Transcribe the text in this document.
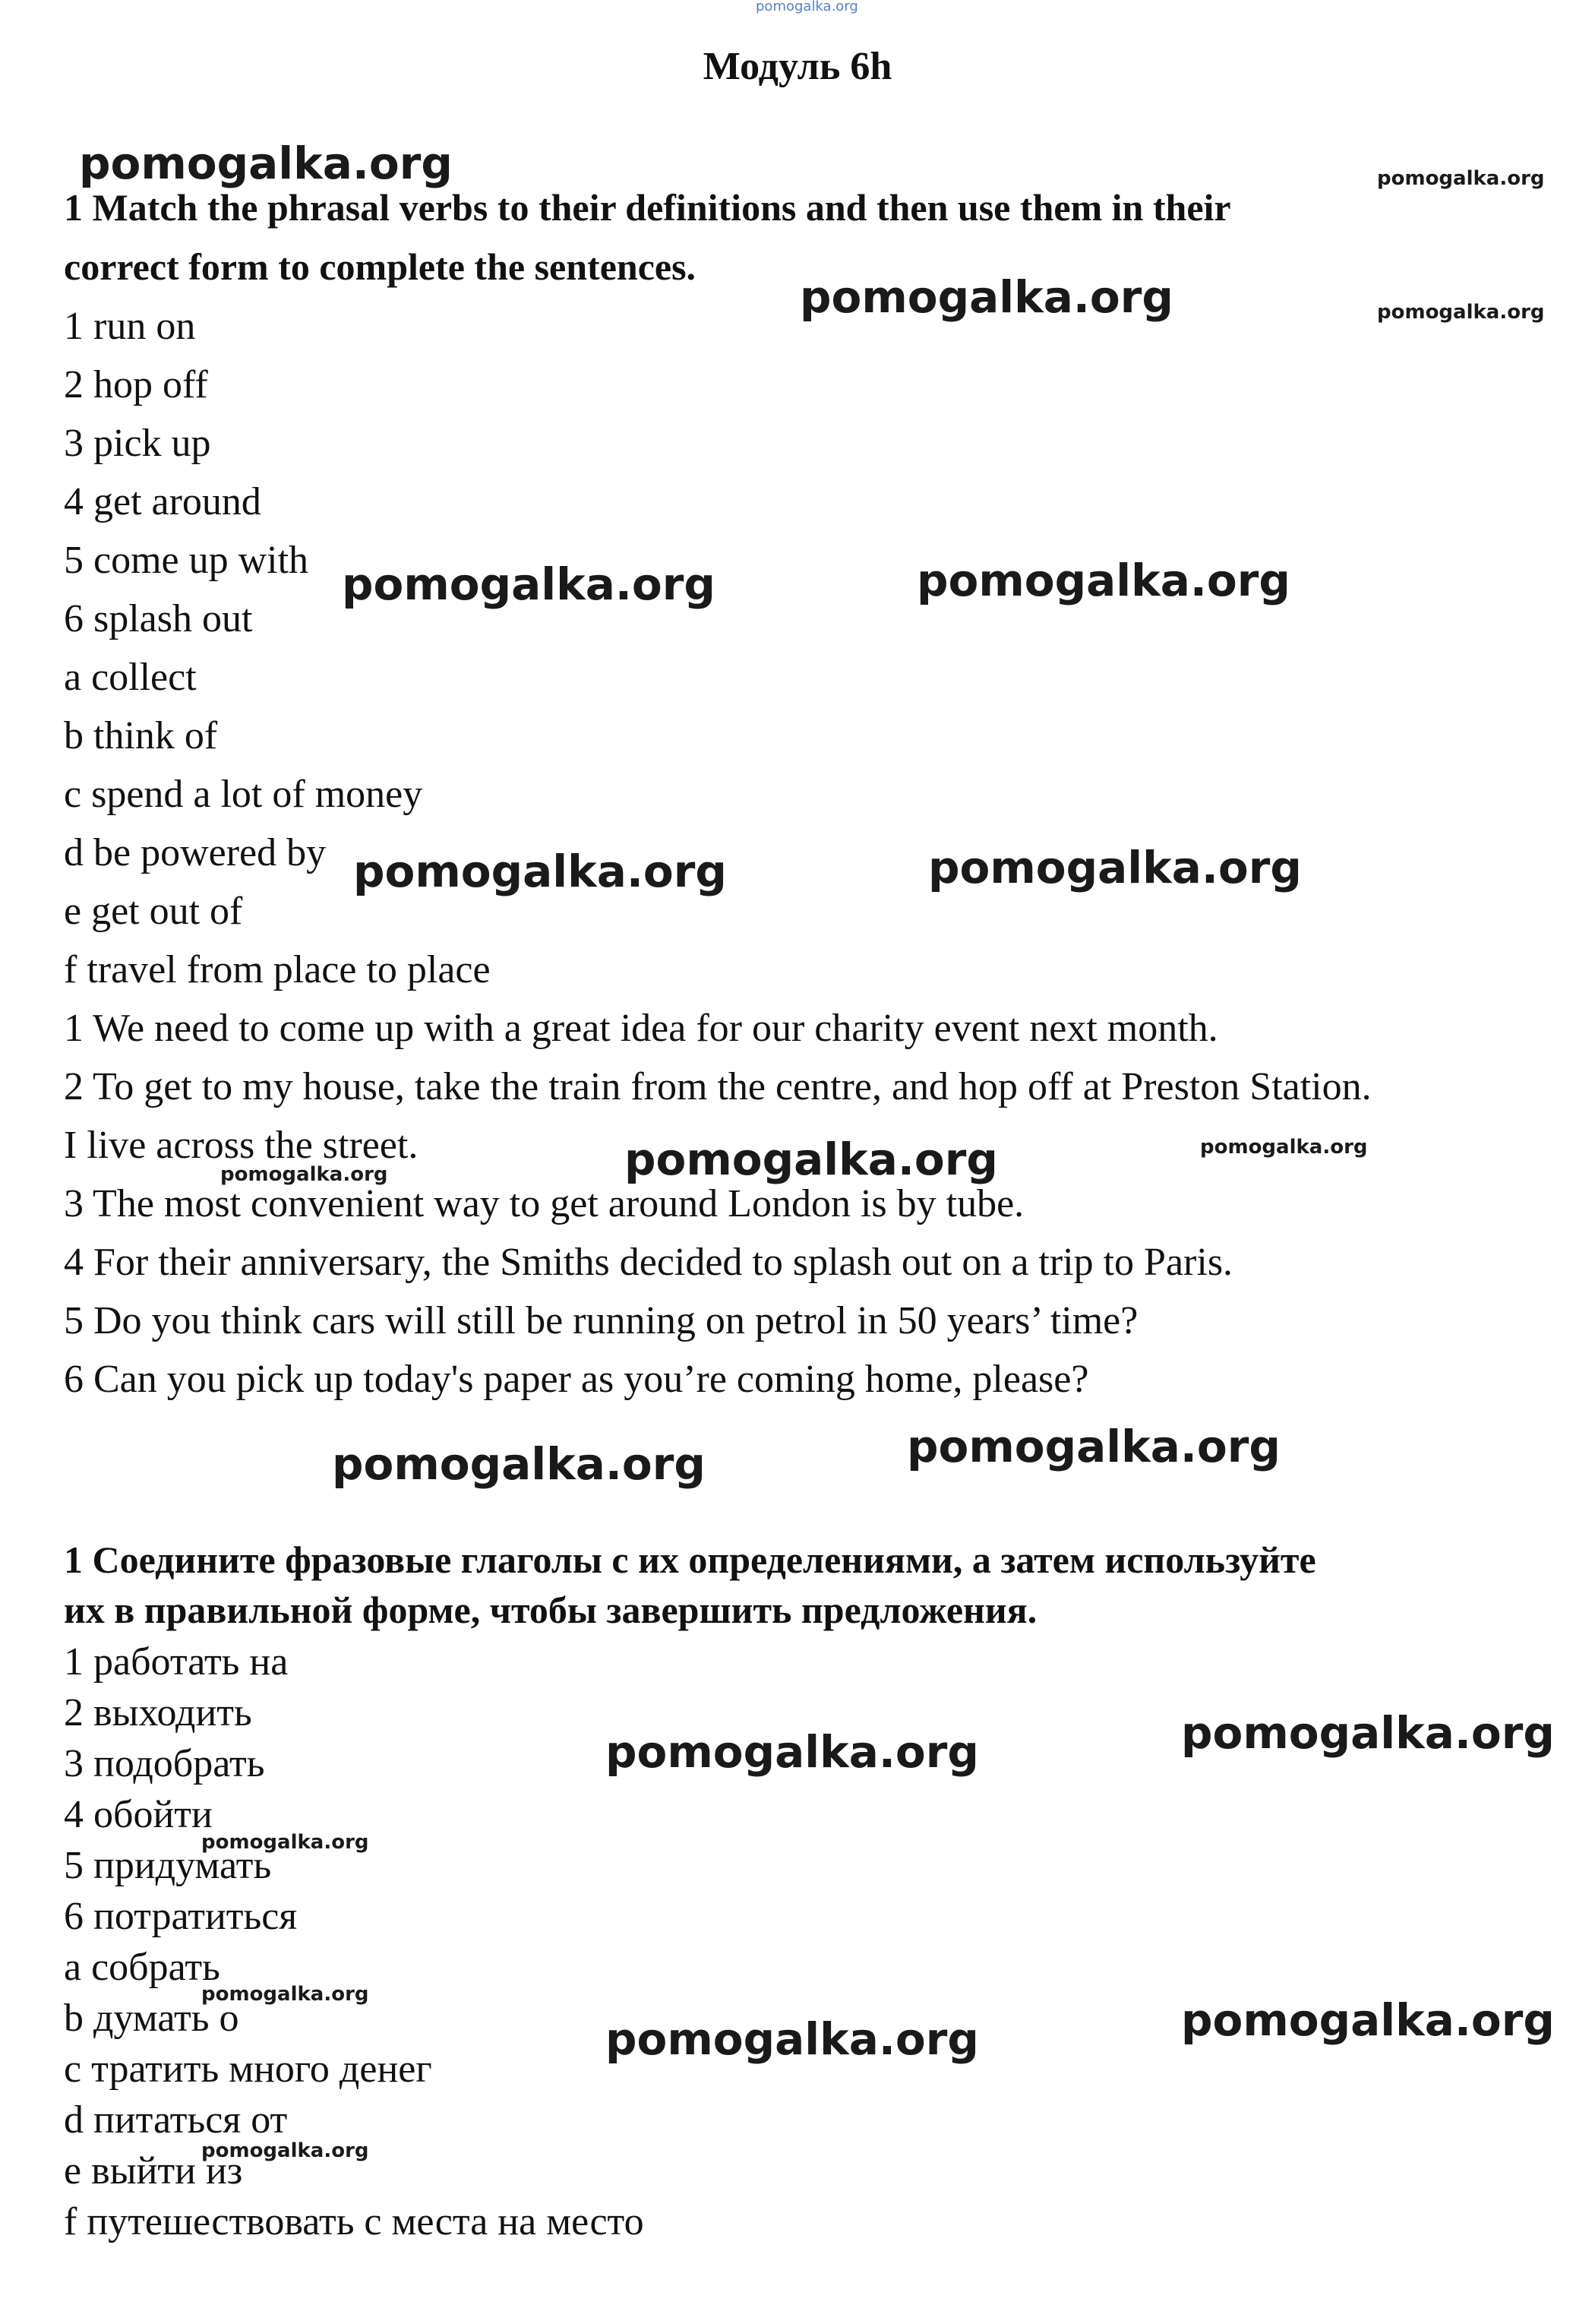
pomogalka.org
pomogalka.org	pomogalka.org
pomogalka.org	pomogalka.org
pomogalka.org	pomogalka.org
pomogalka.org	pomogalka.org
pomogalka.org	pomogalka.org
pomogalka.org
pomogalka.org
pomogalka.org
pomogalka.org
pomogalka.org
pomogalka.org
pomogalka.org	pomogalka.org
pomogalka.org
pomogalka.org
Модуль 6h

1 Match the phrasal verbs to their definitions and then use them in their

correct form to complete the sentences.

1 run on

2 hop off

3 pick up

4 get around

5 come up with

6 splash out

a collect

b think of

c spend a lot of money

d be powered by

e get out of

f travel from place to place

1 We need to come up with a great idea for our charity event next month.

2 To get to my house, take the train from the centre, and hop off at Preston Station.

I live across the street.

3 The most convenient way to get around London is by tube.

4 For their anniversary, the Smiths decided to splash out on a trip to Paris.

5 Do you think cars will still be running on petrol in 50 years’ time?

6 Can you pick up today's paper as you’re coming home, please?

1 Соедините фразовые глаголы с их определениями, а затем используйте

их в правильной форме, чтобы завершить предложения.

1 работать на

2 выходить

3 подобрать

4 обойти

5 придумать

6 потратиться

a собрать

b думать о

c тратить много денег

d питаться от

e выйти из

f путешествовать с места на место
